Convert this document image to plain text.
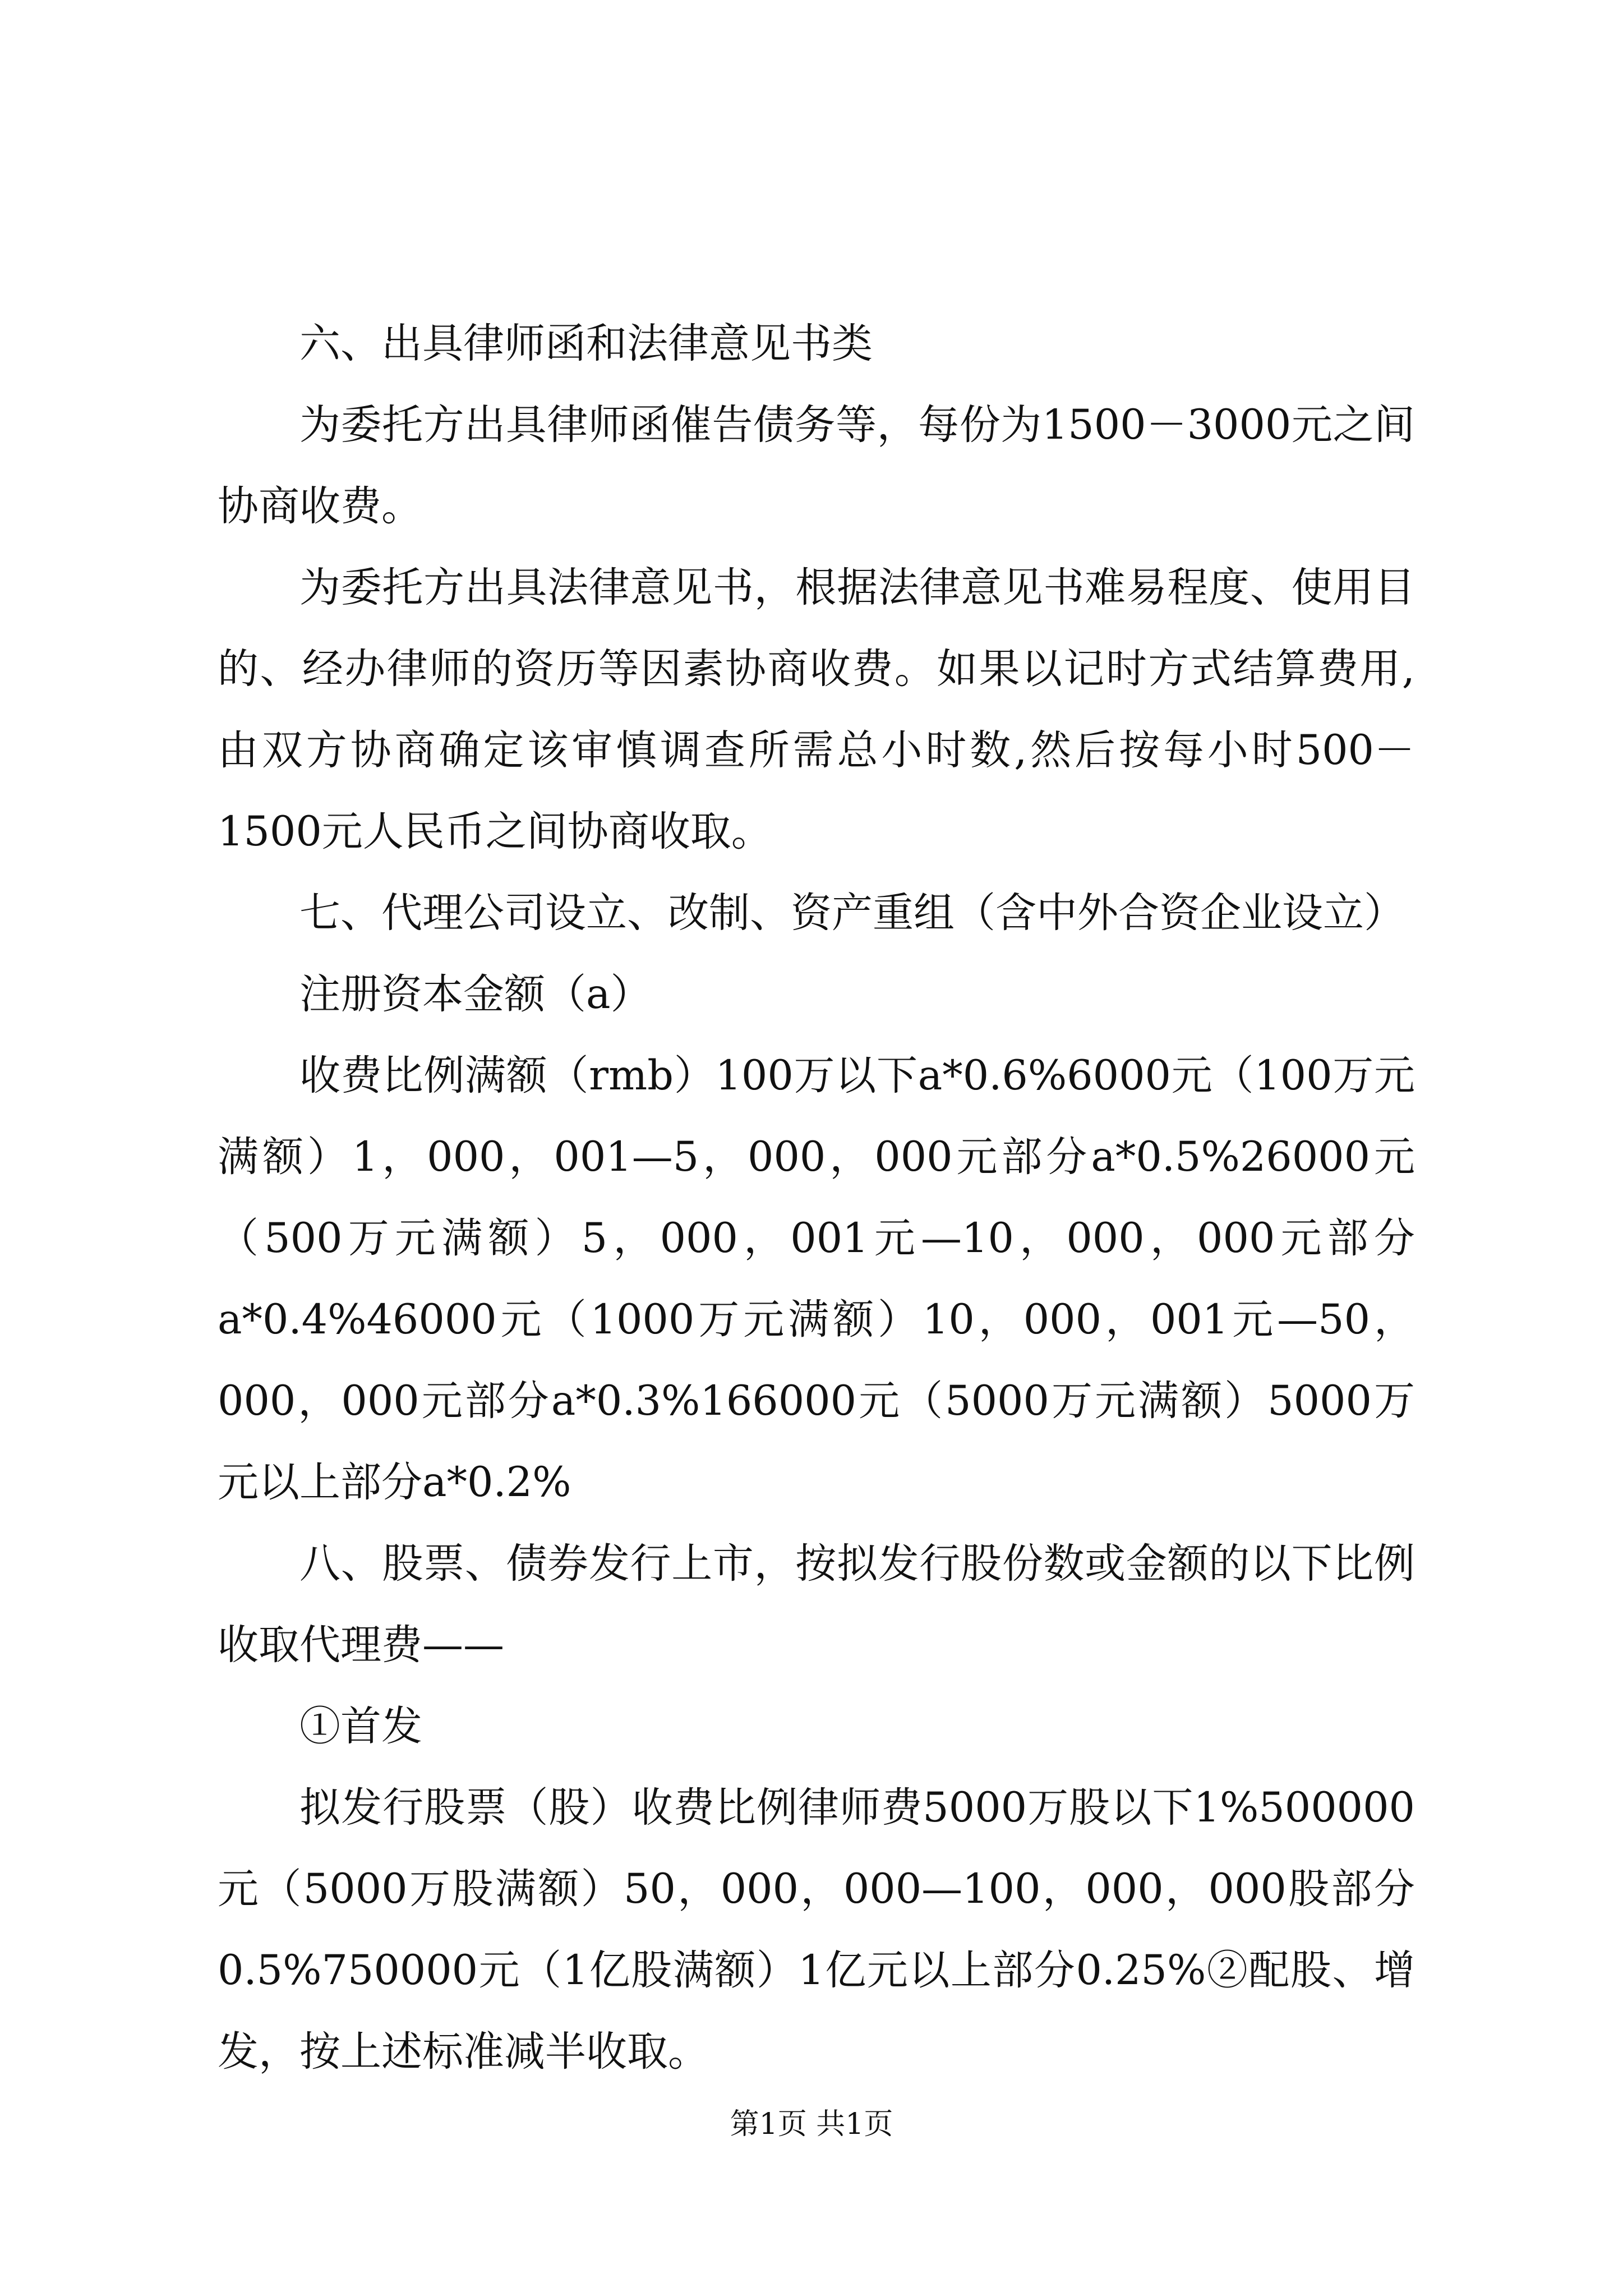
六、出具律师函和法律意见书类

为委托方出具律师函催告债务等，每份为1500－3000元之间协商收费。

为委托方出具法律意见书，根据法律意见书难易程度、使用目的、经办律师的资历等因素协商收费。如果以记时方式结算费用,由双方协商确定该审慎调查所需总小时数,然后按每小时500－1500元人民币之间协商收取。

七、代理公司设立、改制、资产重组（含中外合资企业设立）

注册资本金额（a）

收费比例满额（rmb）100万以下a*0.6%6000元（100万元满额）1，000，001—5，000，000元部分a*0.5%26000元（500万元满额）5，000，001元—10，000，000元部分a*0.4%46000元（1000万元满额）10，000，001元—50，000，000元部分a*0.3%166000元（5000万元满额）5000万元以上部分a*0.2%

八、股票、债券发行上市，按拟发行股份数或金额的以下比例收取代理费——

①首发

拟发行股票（股）收费比例律师费5000万股以下1%500000元（5000万股满额）50，000，000—100，000，000股部分0.5%750000元（1亿股满额）1亿元以上部分0.25%②配股、增发，按上述标准减半收取。

第1页 共1页
